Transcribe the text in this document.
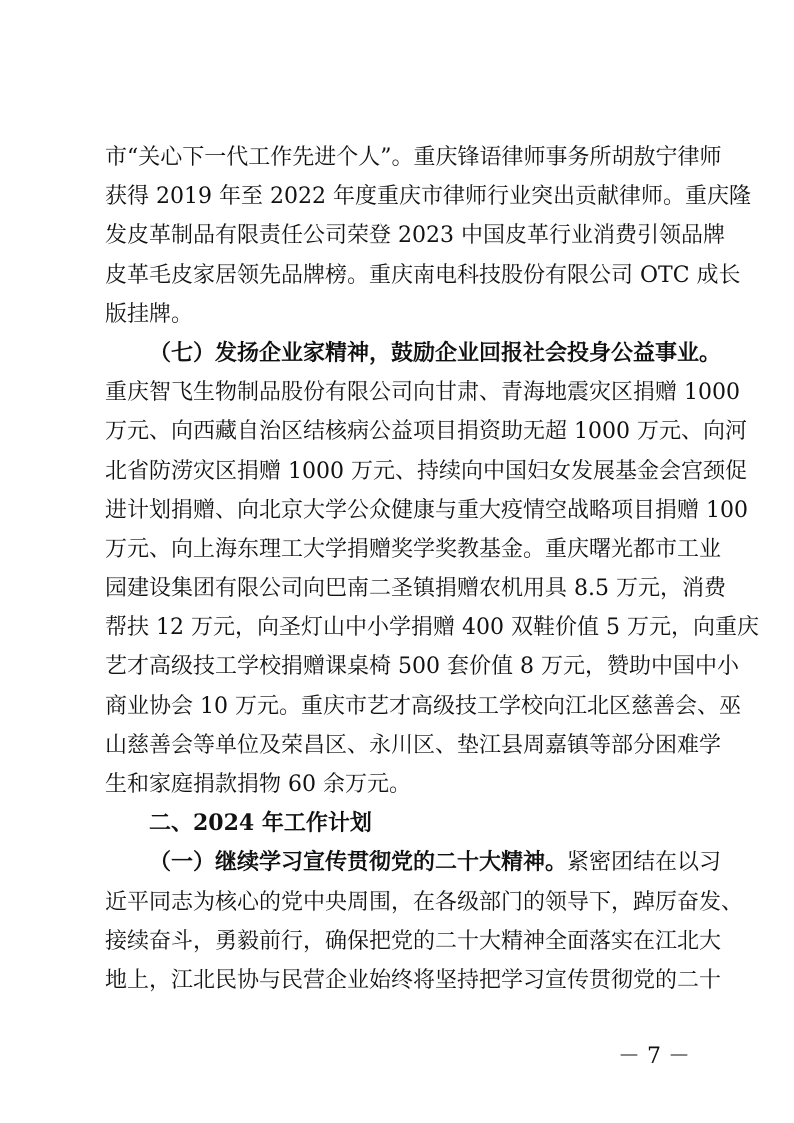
市“关心下一代工作先进个人”。重庆锋语律师事务所胡敖宁律师
获得 2019 年至 2022 年度重庆市律师行业突出贡献律师。重庆隆
发皮革制品有限责任公司荣登 2023 中国皮革行业消费引领品牌
皮革毛皮家居领先品牌榜。重庆南电科技股份有限公司 OTC 成长
版挂牌。
（七）发扬企业家精神，鼓励企业回报社会投身公益事业。
重庆智飞生物制品股份有限公司向甘肃、青海地震灾区捐赠 1000
万元、向西藏自治区结核病公益项目捐资助无超 1000 万元、向河
北省防涝灾区捐赠 1000 万元、持续向中国妇女发展基金会宫颈促
进计划捐赠、向北京大学公众健康与重大疫情空战略项目捐赠 100
万元、向上海东理工大学捐赠奖学奖教基金。重庆曙光都市工业
园建设集团有限公司向巴南二圣镇捐赠农机用具 8.5 万元，消费
帮扶 12 万元，向圣灯山中小学捐赠 400 双鞋价值 5 万元，向重庆
艺才高级技工学校捐赠课桌椅 500 套价值 8 万元，赞助中国中小
商业协会 10 万元。重庆市艺才高级技工学校向江北区慈善会、巫
山慈善会等单位及荣昌区、永川区、垫江县周嘉镇等部分困难学
生和家庭捐款捐物 60 余万元。
二、2024 年工作计划
（一）继续学习宣传贯彻党的二十大精神。紧密团结在以习
近平同志为核心的党中央周围，在各级部门的领导下，踔厉奋发、
接续奋斗，勇毅前行，确保把党的二十大精神全面落实在江北大
地上，江北民协与民营企业始终将坚持把学习宣传贯彻党的二十
－ 7 －
